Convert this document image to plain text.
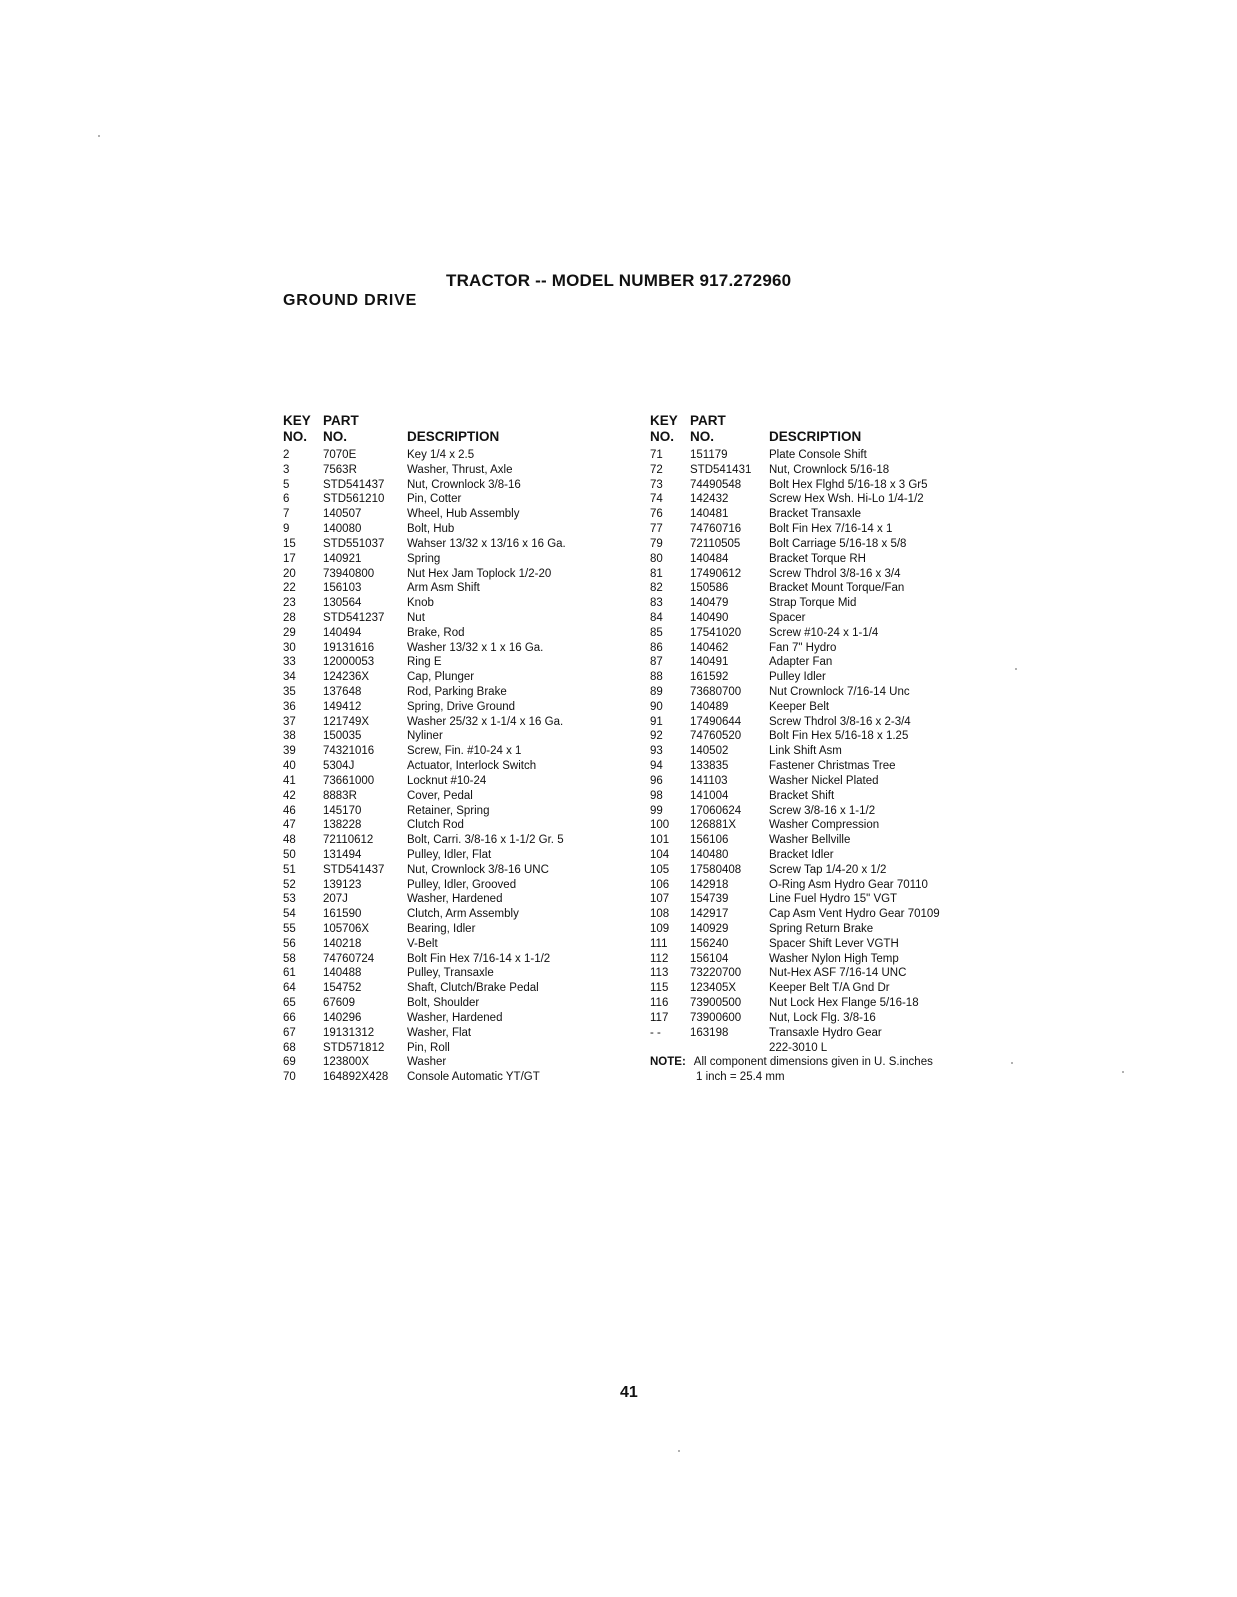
TRACTOR -- MODEL NUMBER 917.272960
GROUND DRIVE
KEY
NO.
PART
NO.	DESCRIPTION
2	7070E	Key 1/4 x 2.5
3	7563R	Washer, Thrust, Axle
5	STD541437 Nut, Crownlock 3/8-16
6	STD561210 Pin, Cotter
7	140507	Wheel, Hub Assembly
9	140080	Bolt, Hub
15 STD551037 Wahser 13/32 x 13/16 x 16 Ga.
17 140921	Spring
20 73940800	Nut Hex Jam Toplock 1/2-20
22 156103	Arm Asm Shift
23 130564	Knob
28 STD541237 Nut
29 140494	Brake, Rod
30 19131616	Washer 13/32 x 1 x 16 Ga.
33 12000053	Ring E
34 124236X	Cap, Plunger
35 137648	Rod, Parking Brake
36 149412	Spring, Drive Ground
37 121749X	Washer 25/32 x 1-1/4 x 16 Ga.
38 150035	Nyliner
39 74321016	Screw, Fin. #10-24 x 1
40 5304J	Actuator, Interlock Switch
41 73661000	Locknut #10-24
42 8883R	Cover, Pedal
46 145170	Retainer, Spring
47 138228	Clutch Rod
48 72110612	Bolt, Carri. 3/8-16 x 1-1/2 Gr. 5
50 131494	Pulley, Idler, Flat
51 STD541437 Nut, Crownlock 3/8-16 UNC
52 139123	Pulley, Idler, Grooved
53 207J	Washer, Hardened
54 161590	Clutch, Arm Assembly
55 105706X	Bearing, Idler
56 140218	V-Belt
58 74760724	Bolt Fin Hex 7/16-14 x 1-1/2
61 140488	Pulley, Transaxle
64 154752	Shaft, Clutch/Brake Pedal
65 67609	Bolt, Shoulder
66 140296	Washer, Hardened
67 19131312	Washer, Flat
68 STD571812 Pin, Roll
69 123800X	Washer
70 164892X428 Console Automatic YT/GT
KEY
NO.
PART
NO.	DESCRIPTION
71 151179	Plate Console Shift
72 STD541431 Nut, Crownlock 5/16-18
73 74490548 Bolt Hex Flghd 5/16-18 x 3 Gr5
74 142432	Screw Hex Wsh. Hi-Lo 1/4-1/2
76 140481	Bracket Transaxle
77 74760716 Bolt Fin Hex 7/16-14 x 1
79 72110505 Bolt Carriage 5/16-18 x 5/8
80 140484	Bracket Torque RH
81 17490612 Screw Thdrol 3/8-16 x 3/4
82 150586	Bracket Mount Torque/Fan
83 140479	Strap Torque Mid
84 140490	Spacer
85 17541020 Screw #10-24 x 1-1/4
86 140462	Fan 7" Hydro
87 140491	Adapter Fan
88 161592	Pulley Idler
89 73680700 Nut Crownlock 7/16-14 Unc
90 140489	Keeper Belt
91 17490644 Screw Thdrol 3/8-16 x 2-3/4
92 74760520 Bolt Fin Hex 5/16-18 x 1.25
93 140502	Link Shift Asm
94 133835	Fastener Christmas Tree
96 141103	Washer Nickel Plated
98 141004	Bracket Shift
99 17060624 Screw 3/8-16 x 1-1/2
100 126881X	Washer Compression
101 156106	Washer Bellville
104 140480	Bracket Idler
105 17580408 Screw Tap 1/4-20 x 1/2
106 142918	O-Ring Asm Hydro Gear 70110
107 154739	Line Fuel Hydro 15" VGT
108 142917	Cap Asm Vent Hydro Gear 70109
109 140929	Spring Return Brake
111 156240	Spacer Shift Lever VGTH
112 156104	Washer Nylon High Temp
113 73220700 Nut-Hex ASF 7/16-14 UNC
115 123405X	Keeper Belt T/A Gnd Dr
116 73900500 Nut Lock Hex Flange 5/16-18
117 73900600 Nut, Lock Flg. 3/8-16
- -	163198	Transaxle Hydro Gear
222-3010 L
NOTE: All component dimensions given in U. S.inches
1 inch = 25.4 mm
41
